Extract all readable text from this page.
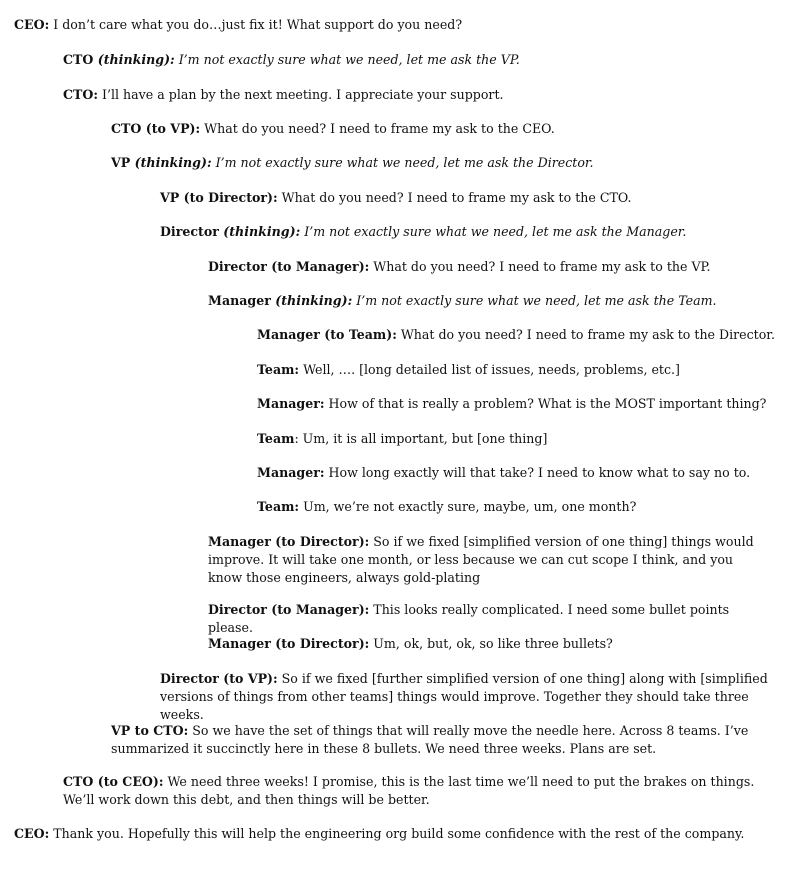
CEO: I don’t care what you do…just fix it! What support do you need?
CTO (thinking): I’m not exactly sure what we need, let me ask the VP.
CTO: I’ll have a plan by the next meeting. I appreciate your support.
CTO (to VP): What do you need? I need to frame my ask to the CEO.
VP (thinking): I’m not exactly sure what we need, let me ask the Director.
VP (to Director): What do you need? I need to frame my ask to the CTO.
Director (thinking): I’m not exactly sure what we need, let me ask the Manager.
Director (to Manager): What do you need? I need to frame my ask to the VP.
Manager (thinking): I’m not exactly sure what we need, let me ask the Team.
Manager (to Team): What do you need? I need to frame my ask to the Director.
Team: Well, …. [long detailed list of issues, needs, problems, etc.]
Manager: How of that is really a problem? What is the MOST important thing?
Team: Um, it is all important, but [one thing]
Manager: How long exactly will that take? I need to know what to say no to.
Team: Um, we’re not exactly sure, maybe, um, one month?
Manager (to Director): So if we fixed [simplified version of one thing] things would improve. It will take one month, or less because we can cut scope I think, and you know those engineers, always gold-plating
Director (to Manager): This looks really complicated. I need some bullet points please.
Manager (to Director): Um, ok, but, ok, so like three bullets?
Director (to VP): So if we fixed [further simplified version of one thing] along with [simplified versions of things from other teams] things would improve. Together they should take three weeks.
VP to CTO: So we have the set of things that will really move the needle here. Across 8 teams. I’ve summarized it succinctly here in these 8 bullets. We need three weeks. Plans are set.
CTO (to CEO): We need three weeks! I promise, this is the last time we’ll need to put the brakes on things. We’ll work down this debt, and then things will be better.
CEO: Thank you. Hopefully this will help the engineering org build some confidence with the rest of the company.
